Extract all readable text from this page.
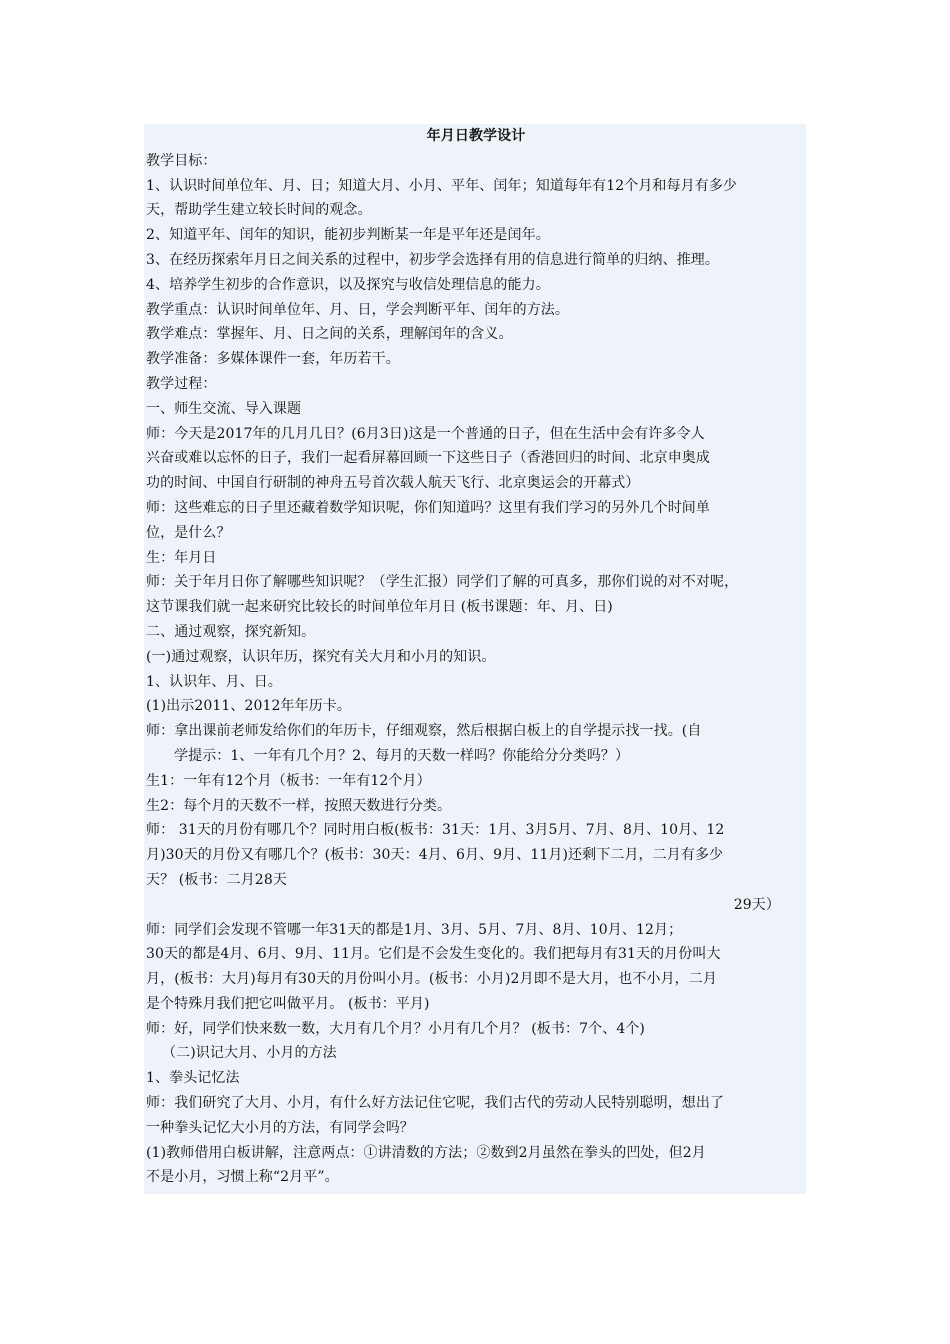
年月日教学设计

教学目标：

1、认识时间单位年、月、日；知道大月、小月、平年、闰年；知道每年有12个月和每月有多少

天，帮助学生建立较长时间的观念。

2、知道平年、闰年的知识，能初步判断某一年是平年还是闰年。

3、在经历探索年月日之间关系的过程中，初步学会选择有用的信息进行简单的归纳、推理。

4、培养学生初步的合作意识，以及探究与收信处理信息的能力。

教学重点：认识时间单位年、月、日，学会判断平年、闰年的方法。

教学难点：掌握年、月、日之间的关系，理解闰年的含义。

教学准备：多媒体课件一套，年历若干。

教学过程：

一、师生交流、导入课题

师：今天是2017年的几月几日？(6月3日)这是一个普通的日子，但在生活中会有许多令人

兴奋或难以忘怀的日子，我们一起看屏幕回顾一下这些日子（香港回归的时间、北京申奥成

功的时间、中国自行研制的神舟五号首次载人航天飞行、北京奥运会的开幕式）

师：这些难忘的日子里还藏着数学知识呢，你们知道吗？这里有我们学习的另外几个时间单

位，是什么？

生：年月日

师：关于年月日你了解哪些知识呢？（学生汇报）同学们了解的可真多，那你们说的对不对呢，

这节课我们就一起来研究比较长的时间单位年月日 (板书课题：年、月、日)

二、通过观察，探究新知。

(一)通过观察，认识年历，探究有关大月和小月的知识。

1、认识年、月、日。

(1)出示2011、2012年年历卡。

师：拿出课前老师发给你们的年历卡，仔细观察，然后根据白板上的自学提示找一找。(自

学提示：1、一年有几个月？2、每月的天数一样吗？你能给分分类吗？）

生1：一年有12个月（板书：一年有12个月）

生2：每个月的天数不一样，按照天数进行分类。

师： 31天的月份有哪几个？同时用白板(板书：31天：1月、3月5月、7月、8月、10月、12

月)30天的月份又有哪几个？(板书：30天：4月、6月、9月、11月)还剩下二月，二月有多少

天？ (板书：二月28天

29天）

师：同学们会发现不管哪一年31天的都是1月、3月、5月、7月、8月、10月、12月；

30天的都是4月、6月、9月、11月。它们是不会发生变化的。我们把每月有31天的月份叫大

月，(板书：大月)每月有30天的月份叫小月。(板书：小月)2月即不是大月，也不小月，二月

是个特殊月我们把它叫做平月。 (板书：平月)

师：好，同学们快来数一数，大月有几个月？小月有几个月？ (板书：7个、4个)

（二)识记大月、小月的方法

1、拳头记忆法

师：我们研究了大月、小月，有什么好方法记住它呢，我们古代的劳动人民特别聪明，想出了

一种拳头记忆大小月的方法，有同学会吗？

(1)教师借用白板讲解，注意两点：①讲清数的方法；②数到2月虽然在拳头的凹处，但2月

不是小月，习惯上称“2月平”。
